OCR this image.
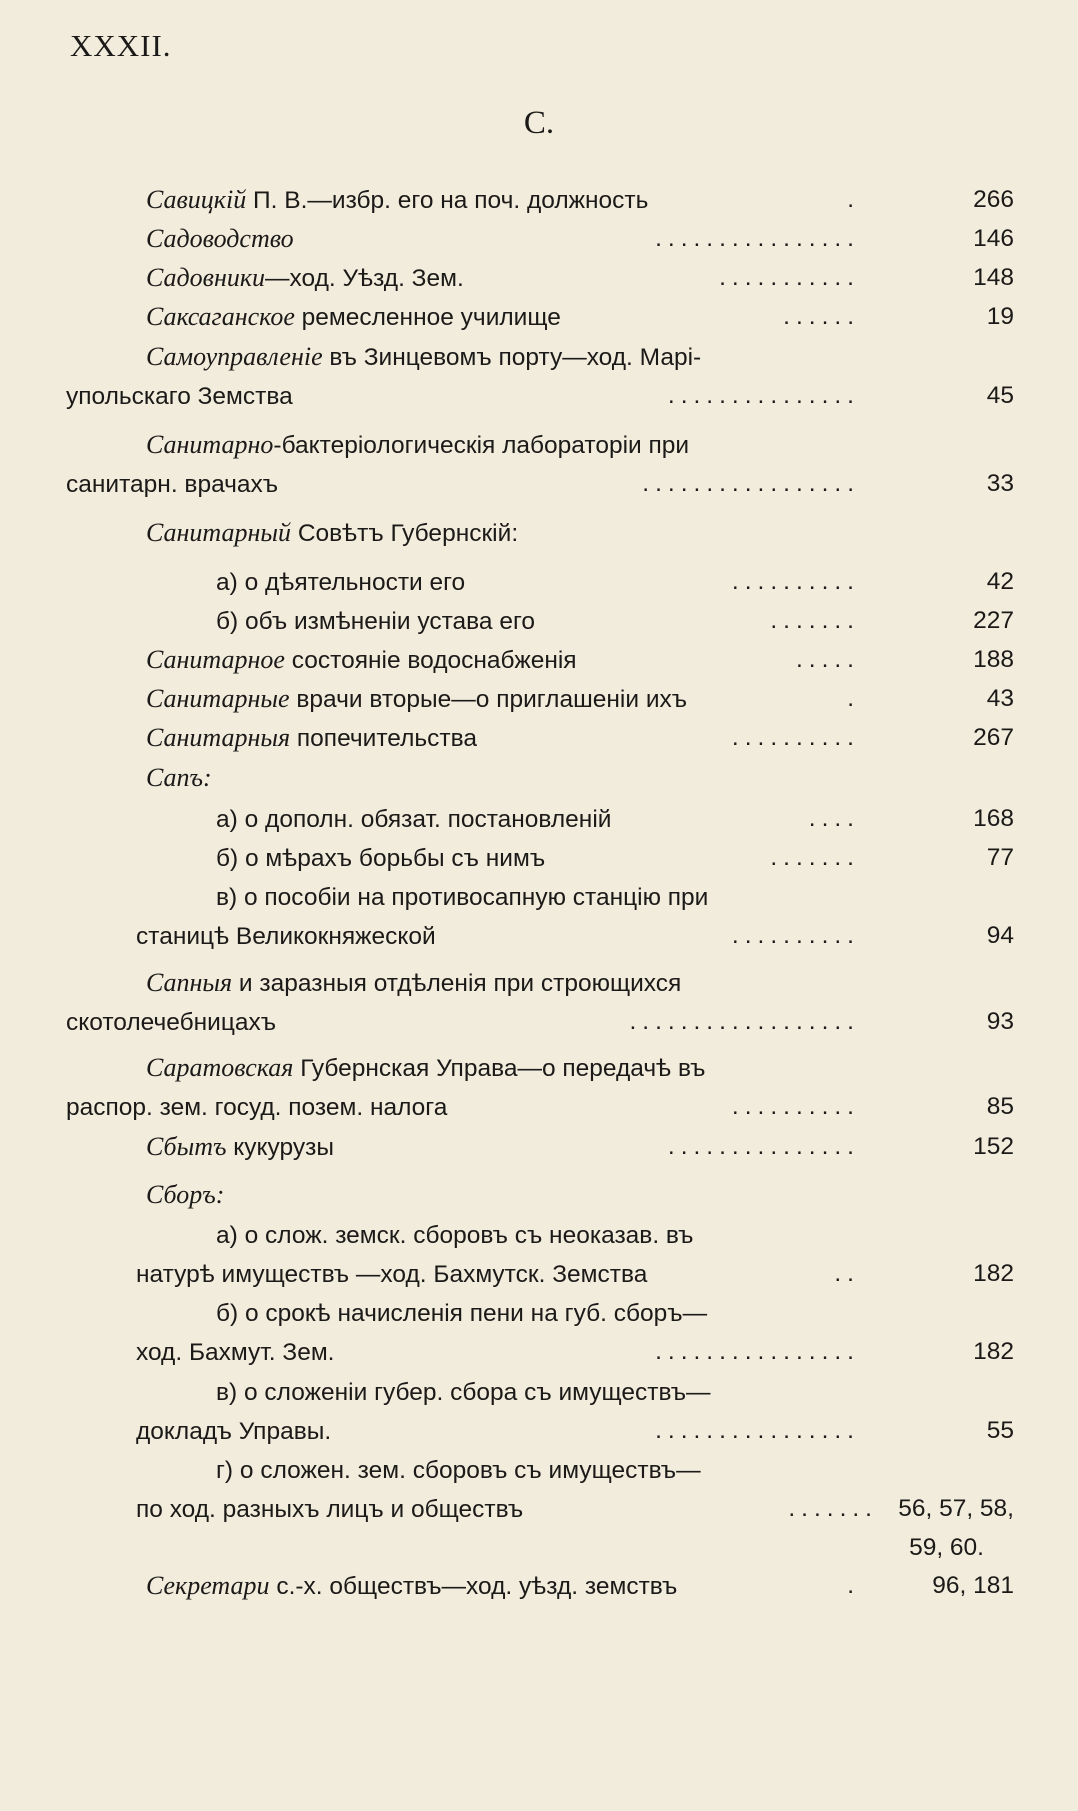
XXXII.
С.
Савицкій П. В.—избр. его на поч. должность	.	266
Садоводство	................	146
Садовники—ход. Уѣзд. Зем.	...........	148
Саксаганское ремесленное училище	......	19
Самоуправленіе въ Зинцевомъ порту—ход. Марі-
упольскаго Земства	...............	45
Санитарно-бактеріологическія лабораторіи при
санитарн. врачахъ	.................	33
Санитарный Совѣтъ Губернскій:
а) о дѣятельности его	..........	42
б) объ измѣненіи устава его	.......	227
Санитарное состояніе водоснабженія	.....	188
Санитарные врачи вторые—о приглашеніи ихъ	.	43
Санитарныя попечительства	..........	267
Сапъ:
а) о дополн. обязат. постановленій	....	168
б) о мѣрахъ борьбы съ нимъ	.......	77
в) о пособіи на противосапную станцію при
станицѣ Великокняжеской	..........	94
Сапныя и заразныя отдѣленія при строющихся
скотолечебницахъ	..................	93
Саратовская Губернская Управа—о передачѣ въ
распор. зем. госуд. позем. налога	..........	85
Сбытъ кукурузы	...............	152
Сборъ:
а) о слож. земск. сборовъ съ неоказав. въ
натурѣ имуществъ —ход. Бахмутск. Земства	..	182
б) о срокѣ начисленія пени на губ. сборъ—
ход. Бахмут. Зем.	................	182
в) о сложеніи губер. сбора съ имуществъ—
докладъ Управы.	................	55
г) о сложен. зем. сборовъ съ имуществъ—
по ход. разныхъ лицъ и обществъ	....... 56, 57, 58,
59, 60.
Секретари с.-х. обществъ—ход. уѣзд. земствъ	.	96, 181
